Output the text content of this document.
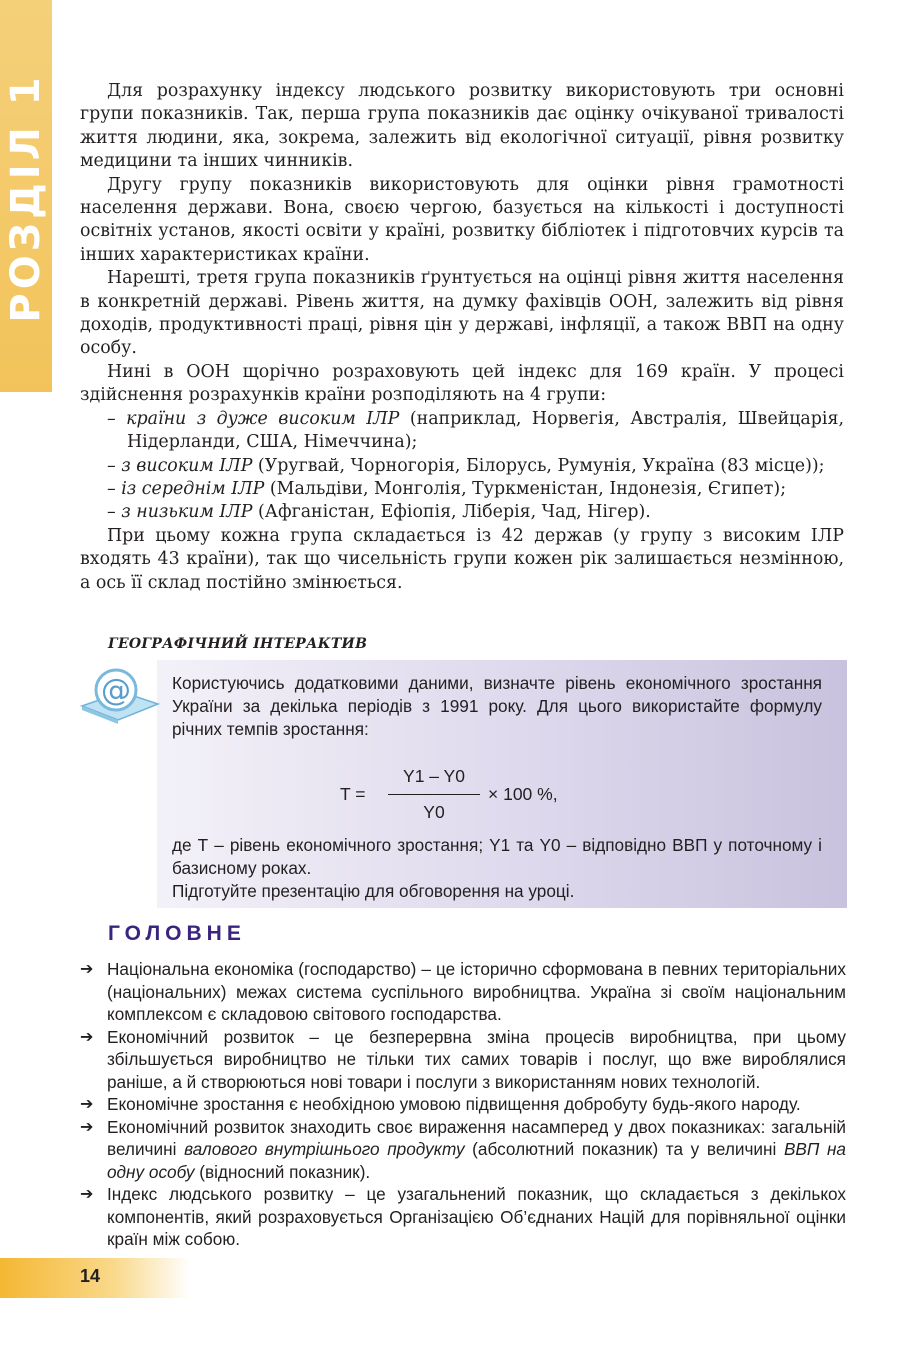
РОЗДІЛ 1	Для розрахунку індексу людського розвитку використовують три основні групи показників. Так, перша група показників дає оцінку очікуваної тривалості життя людини, яка, зокрема, залежить від екологічної ситуації, рівня розвитку медицини та інших чинників.

Другу групу показників використовують для оцінки рівня грамотності населення держави. Вона, своєю чергою, базується на кількості і доступності освітніх установ, якості освіти у країні, розвитку бібліотек і підготовчих курсів та інших характеристиках країни.

Нарешті, третя група показників ґрунтується на оцінці рівня життя населення в конкретній державі. Рівень життя, на думку фахівців ООН, залежить від рівня доходів, продуктивності праці, рівня цін у державі, інфляції, а також ВВП на одну особу.

Нині в ООН щорічно розраховують цей індекс для 169 країн. У процесі здійснення розрахунків країни розподіляють на 4 групи:

– країни з дуже високим ІЛР (наприклад, Норвегія, Австралія, Швейцарія, Нідерланди, США, Німеччина);
– з високим ІЛР (Уругвай, Чорногорія, Білорусь, Румунія, Україна (83 місце));
– із середнім ІЛР (Мальдіви, Монголія, Туркменістан, Індонезія, Єгипет);
– з низьким ІЛР (Афганістан, Ефіопія, Ліберія, Чад, Нігер).

При цьому кожна група складається із 42 держав (у групу з високим ІЛР входять 43 країни), так що чисельність групи кожен рік залишається незмінною, а ось її склад постійно змінюється.

ГЕОГРАФІЧНИЙ ІНТЕРАКТИВ
@ Користуючись додатковими даними, визначте рівень економічного зростання України за декілька періодів з 1991 року. Для цього використайте формулу річних темпів зростання:
T =
Y1 – Y0
Y0
× 100 %,
де Т – рівень економічного зростання; Y1 та Y0 – відповідно ВВП у поточному і базисному роках.
Підготуйте презентацію для обговорення на уроці.
ГОЛОВНЕ
➔ Національна економіка (господарство) – це історично сформована в певних територіальних (національних) межах система суспільного виробництва. Україна зі своїм національним комплексом є складовою світового господарства.
➔ Економічний розвиток – це безперервна зміна процесів виробництва, при цьому збільшується виробництво не тільки тих самих товарів і послуг, що вже вироблялися раніше, а й створюються нові товари і послуги з використанням нових технологій.
➔ Економічне зростання є необхідною умовою підвищення добробуту будь-якого народу.
➔ Економічний розвиток знаходить своє вираження насамперед у двох показниках: загальній величині валового внутрішнього продукту (абсолютний показник) та у величині ВВП на одну особу (відносний показник).
➔ Індекс людського розвитку – це узагальнений показник, що складається з декількох компонентів, який розраховується Організацією Об’єднаних Націй для порівняльної оцінки країн між собою.
14
